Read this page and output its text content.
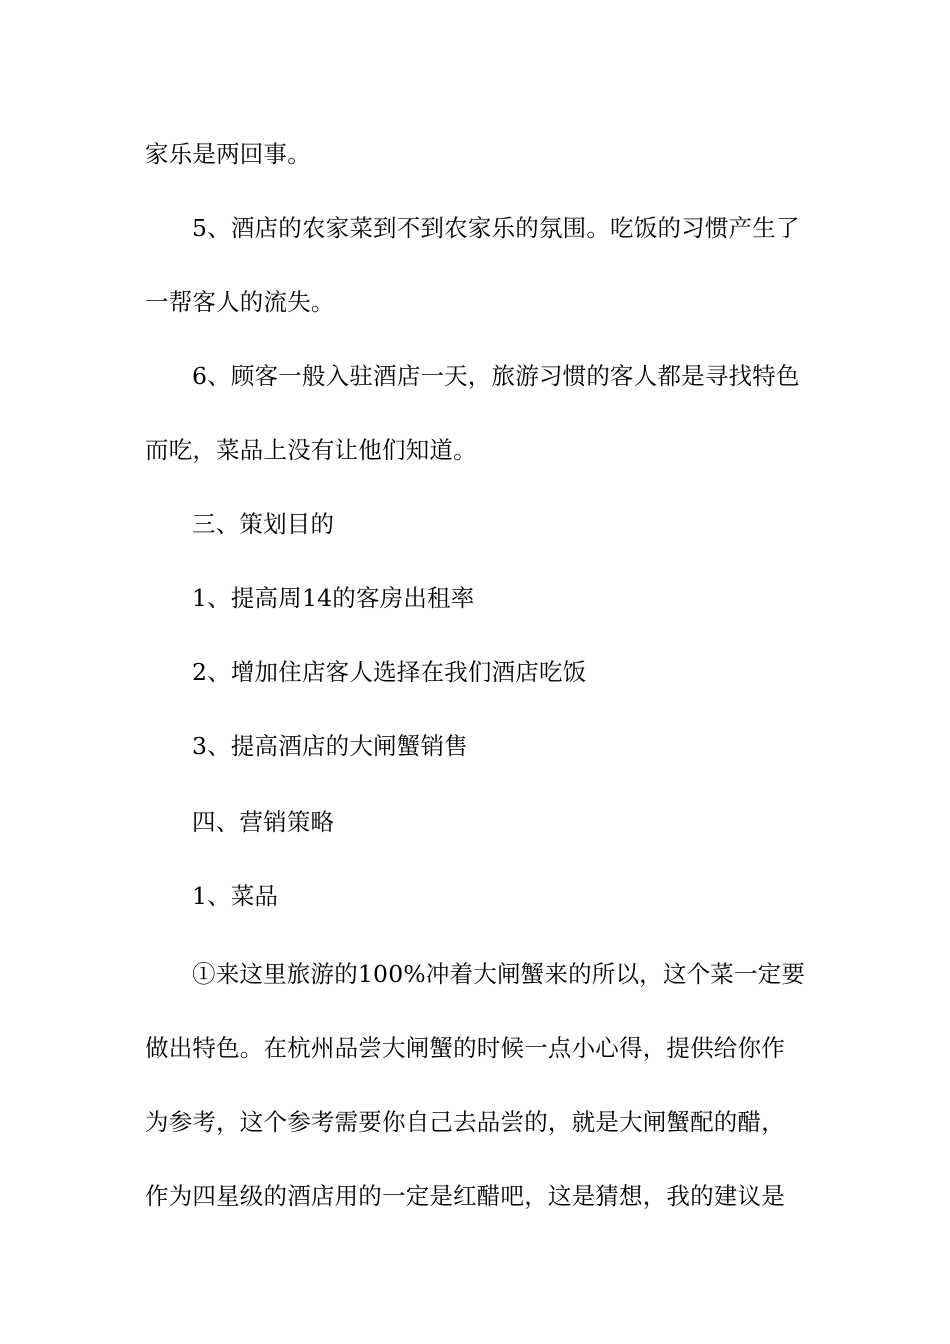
家乐是两回事。
5、酒店的农家菜到不到农家乐的氛围。吃饭的习惯产生了
一帮客人的流失。
6、顾客一般入驻酒店一天，旅游习惯的客人都是寻找特色
而吃，菜品上没有让他们知道。
三、策划目的
1、提高周14的客房出租率
2、增加住店客人选择在我们酒店吃饭
3、提高酒店的大闸蟹销售
四、营销策略
1、菜品
①来这里旅游的100%冲着大闸蟹来的所以，这个菜一定要
做出特色。在杭州品尝大闸蟹的时候一点小心得，提供给你作
为参考，这个参考需要你自己去品尝的，就是大闸蟹配的醋，
作为四星级的酒店用的一定是红醋吧，这是猜想，我的建议是
